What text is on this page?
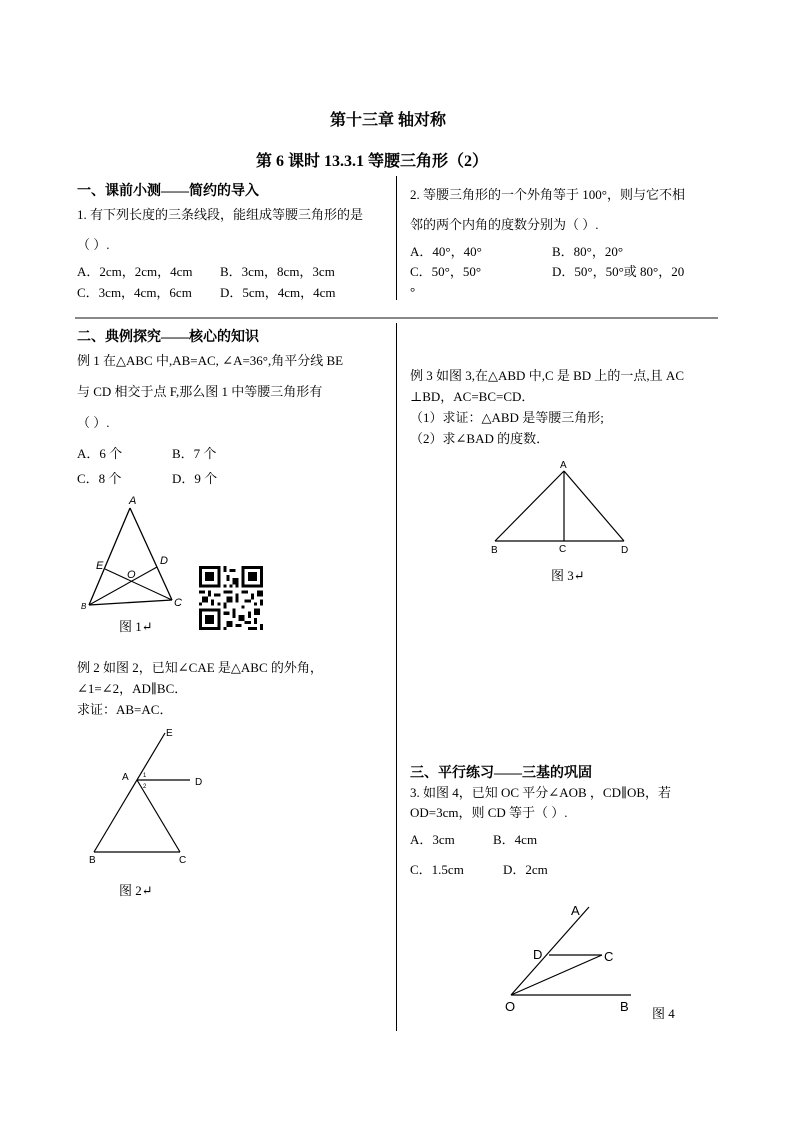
第十三章 轴对称
第 6 课时 13.3.1 等腰三角形（2）
一、课前小测——简约的导入
1. 有下列长度的三条线段，能组成等腰三角形的是
（ ）.
A．2cm，2cm，4cm B．3cm，8cm，3cm
C．3cm，4cm，6cm D．5cm，4cm，4cm
二、典例探究——核心的知识
例 1 在△ABC 中,AB=AC, ∠A=36°,角平分线 BE
与 CD 相交于点 F,那么图 1 中等腰三角形有
（ ）.
A．6 个	B．7 个
C．8 个	D．9 个
A
B	C
D
E
O
图 1↵
例 2 如图 2，已知∠CAE 是△ABC 的外角，
∠1=∠2，AD∥BC．
求证：AB=AC．
E
A	D
1
2
B	C
图 2↵
2. 等腰三角形的一个外角等于 100°，则与它不相
邻的两个内角的度数分别为（ ）.
A．40°，40°	B．80°，20°
C．50°，50°	D．50°，50°或 80°，20
°
例 3 如图 3,在△ABD 中,C 是 BD 上的一点,且 AC
⊥BD，AC=BC=CD．
（1）求证：△ABD 是等腰三角形;
（2）求∠BAD 的度数．
A
B	C	D
图 3↵
三、平行练习——三基的巩固
3. 如图 4，已知 OC 平分∠AOB ，CD∥OB，若
OD=3cm，则 CD 等于（ ）.
A．3cm	B．4cm
C．1.5cm	D．2cm
A
D	C
O	B 图 4
